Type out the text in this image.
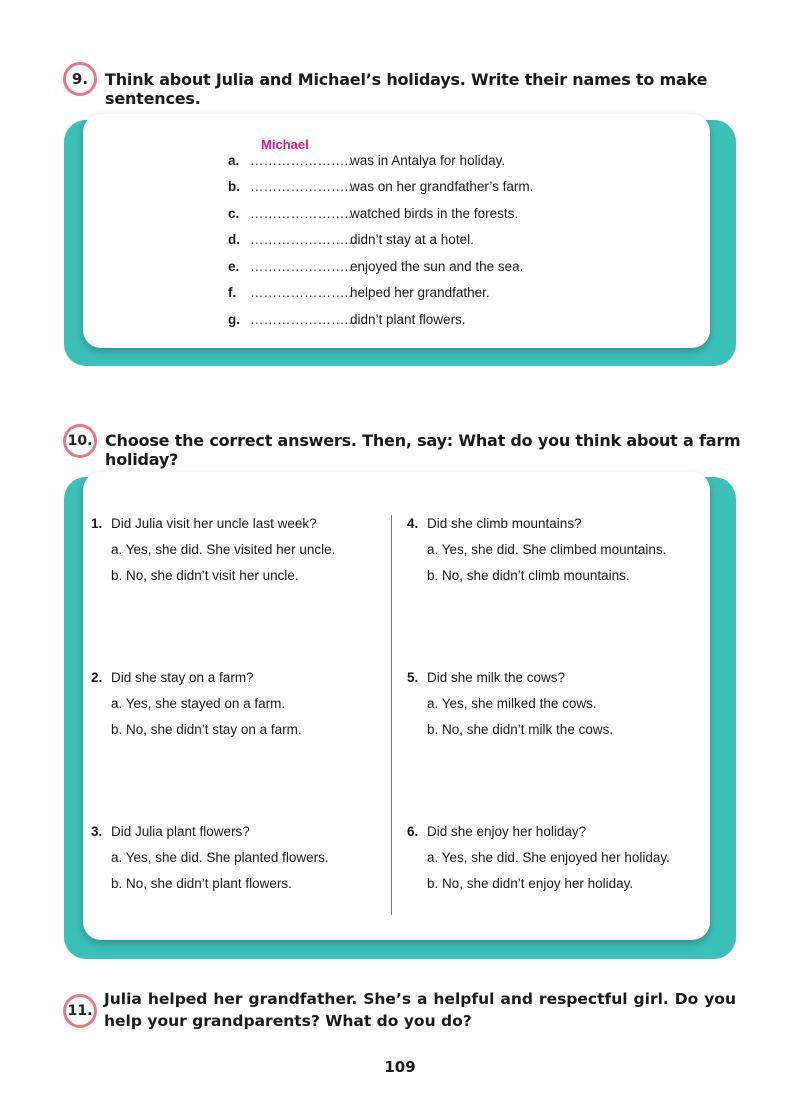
9.	Think about Julia and Michael’s holidays. Write their names to make sentences.
a. …………………..
Michael
was in Antalya for holiday.
b. …………………..
was on her grandfather’s farm.
c. …………………..
watched birds in the forests.
d. …………………..
didn’t stay at a hotel.
e. …………………..
enjoyed the sun and the sea.
f.	…………………..
helped her grandfather.
g. …………………..
didn’t plant flowers.
10. Choose the correct answers. Then, say: What do you think about a farm holiday?
1. Did Julia visit her uncle last week?
a. Yes, she did. She visited her uncle.
b. No, she didn’t visit her uncle.
2. Did she stay on a farm?
a. Yes, she stayed on a farm.
b. No, she didn’t stay on a farm.
3. Did Julia plant flowers?
a. Yes, she did. She planted flowers.
b. No, she didn’t plant flowers.
4. Did she climb mountains?
a. Yes, she did. She climbed mountains.
b. No, she didn’t climb mountains.
5. Did she milk the cows?
a. Yes, she milked the cows.
b. No, she didn’t milk the cows.
6. Did she enjoy her holiday?
a. Yes, she did. She enjoyed her holiday.
b. No, she didn’t enjoy her holiday.
11.
Julia helped her grandfather. She’s a helpful and respectful girl. Do you help your grandparents? What do you do?
109
